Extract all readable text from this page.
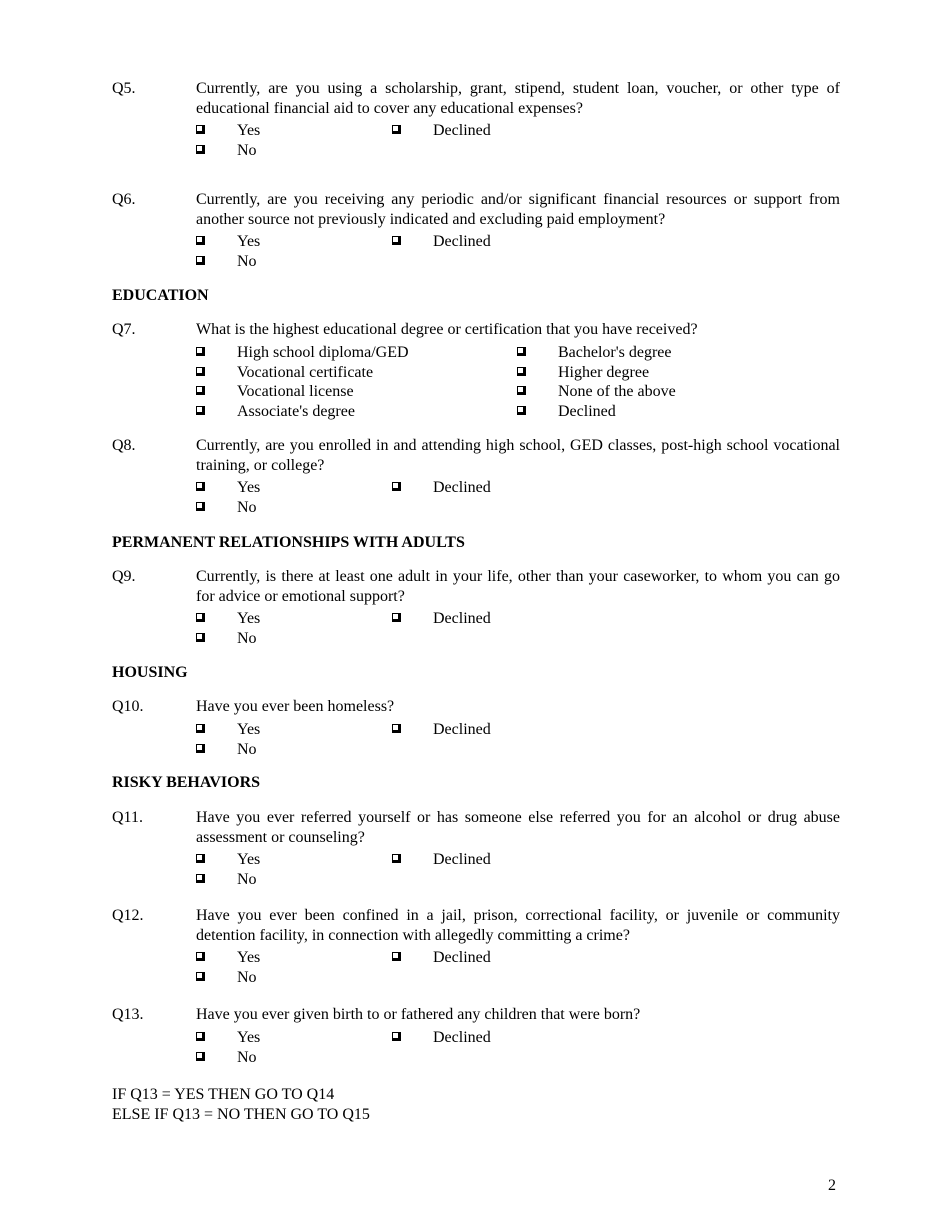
Q5.	Currently, are you using a scholarship, grant, stipend, student loan, voucher, or other type of educational financial aid to cover any educational expenses?
Yes	Declined
No
Q6.	Currently, are you receiving any periodic and/or significant financial resources or support from another source not previously indicated and excluding paid employment?
Yes	Declined
No
EDUCATION
Q7.	What is the highest educational degree or certification that you have received?
High school diploma/GED
Vocational certificate
Vocational license
Associate's degree
Bachelor's degree
Higher degree
None of the above
Declined
Q8.	Currently, are you enrolled in and attending high school, GED classes, post-high school vocational training, or college?
Yes	Declined
No
PERMANENT RELATIONSHIPS WITH ADULTS
Q9.	Currently, is there at least one adult in your life, other than your caseworker, to whom you can go for advice or emotional support?
Yes	Declined
No
HOUSING
Q10.	Have you ever been homeless?
Yes	Declined
No
RISKY BEHAVIORS
Q11.	Have you ever referred yourself or has someone else referred you for an alcohol or drug abuse assessment or counseling?
Yes	Declined
No
Q12.	Have you ever been confined in a jail, prison, correctional facility, or juvenile or community detention facility, in connection with allegedly committing a crime?
Yes	Declined
No
Q13.	Have you ever given birth to or fathered any children that were born?
Yes	Declined
No
IF Q13 = YES THEN GO TO Q14
ELSE IF Q13 = NO THEN GO TO Q15
2
